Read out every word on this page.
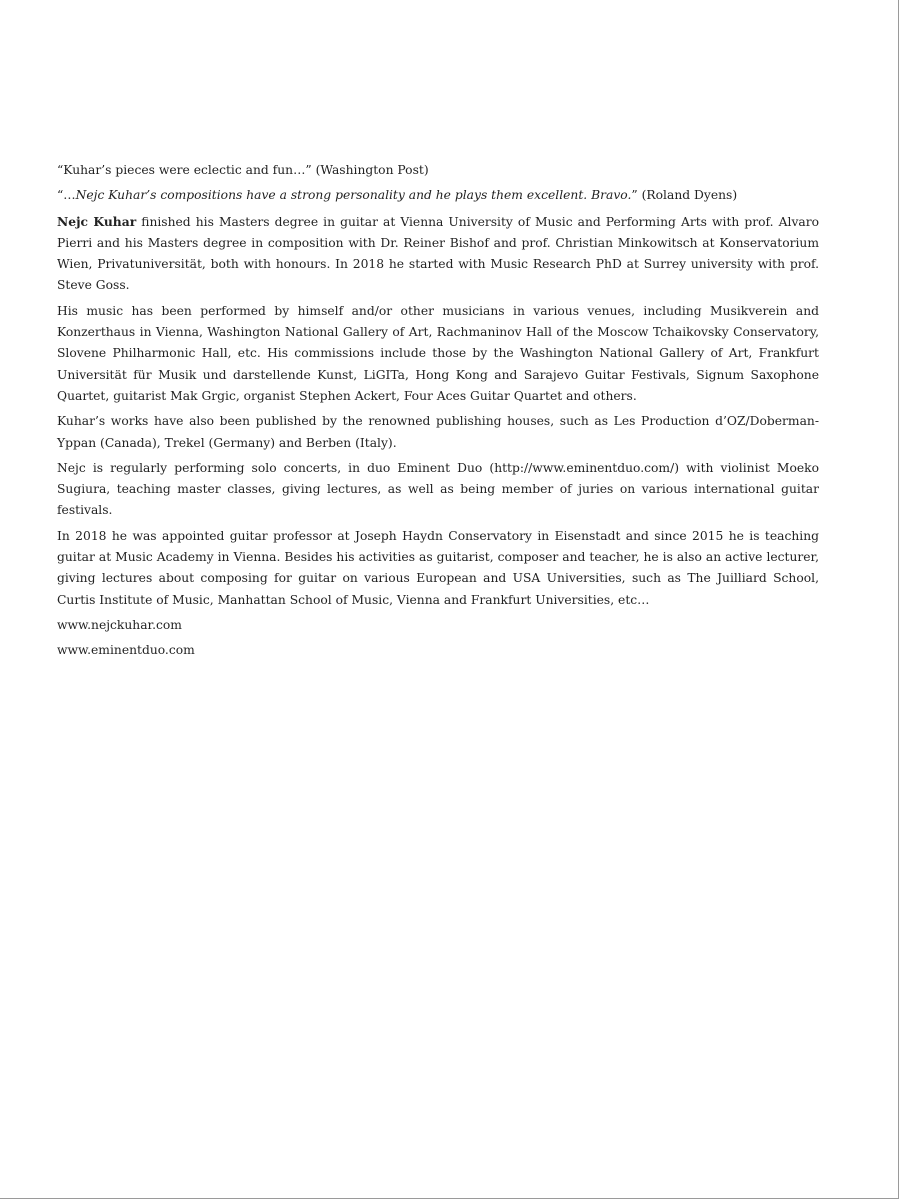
“Kuhar’s pieces were eclectic and fun…” (Washington Post)

“…Nejc Kuhar’s compositions have a strong personality and he plays them excellent. Bravo.” (Roland Dyens)

Nejc Kuhar finished his Masters degree in guitar at Vienna University of Music and Performing Arts with prof. Alvaro Pierri and his Masters degree in composition with Dr. Reiner Bishof and prof. Christian Minkowitsch at Konservatorium Wien, Privatuniversität, both with honours. In 2018 he started with Music Research PhD at Surrey university with prof. Steve Goss.

His music has been performed by himself and/or other musicians in various venues, including Musikverein and Konzerthaus in Vienna, Washington National Gallery of Art, Rachmaninov Hall of the Moscow Tchaikovsky Conservatory, Slovene Philharmonic Hall, etc. His commissions include those by the Washington National Gallery of Art, Frankfurt Universität für Musik und darstellende Kunst, LiGITa, Hong Kong and Sarajevo Guitar Festivals, Signum Saxophone Quartet, guitarist Mak Grgic, organist Stephen Ackert, Four Aces Guitar Quartet and others.

Kuhar’s works have also been published by the renowned publishing houses, such as Les Production d’OZ/Doberman-Yppan (Canada), Trekel (Germany) and Berben (Italy).

Nejc is regularly performing solo concerts, in duo Eminent Duo (http://www.eminentduo.com/) with violinist Moeko Sugiura, teaching master classes, giving lectures, as well as being member of juries on various international guitar festivals.

In 2018 he was appointed guitar professor at Joseph Haydn Conservatory in Eisenstadt and since 2015 he is teaching guitar at Music Academy in Vienna. Besides his activities as guitarist, composer and teacher, he is also an active lecturer, giving lectures about composing for guitar on various European and USA Universities, such as The Juilliard School, Curtis Institute of Music, Manhattan School of Music, Vienna and Frankfurt Universities, etc…

www.nejckuhar.com
www.eminentduo.com
